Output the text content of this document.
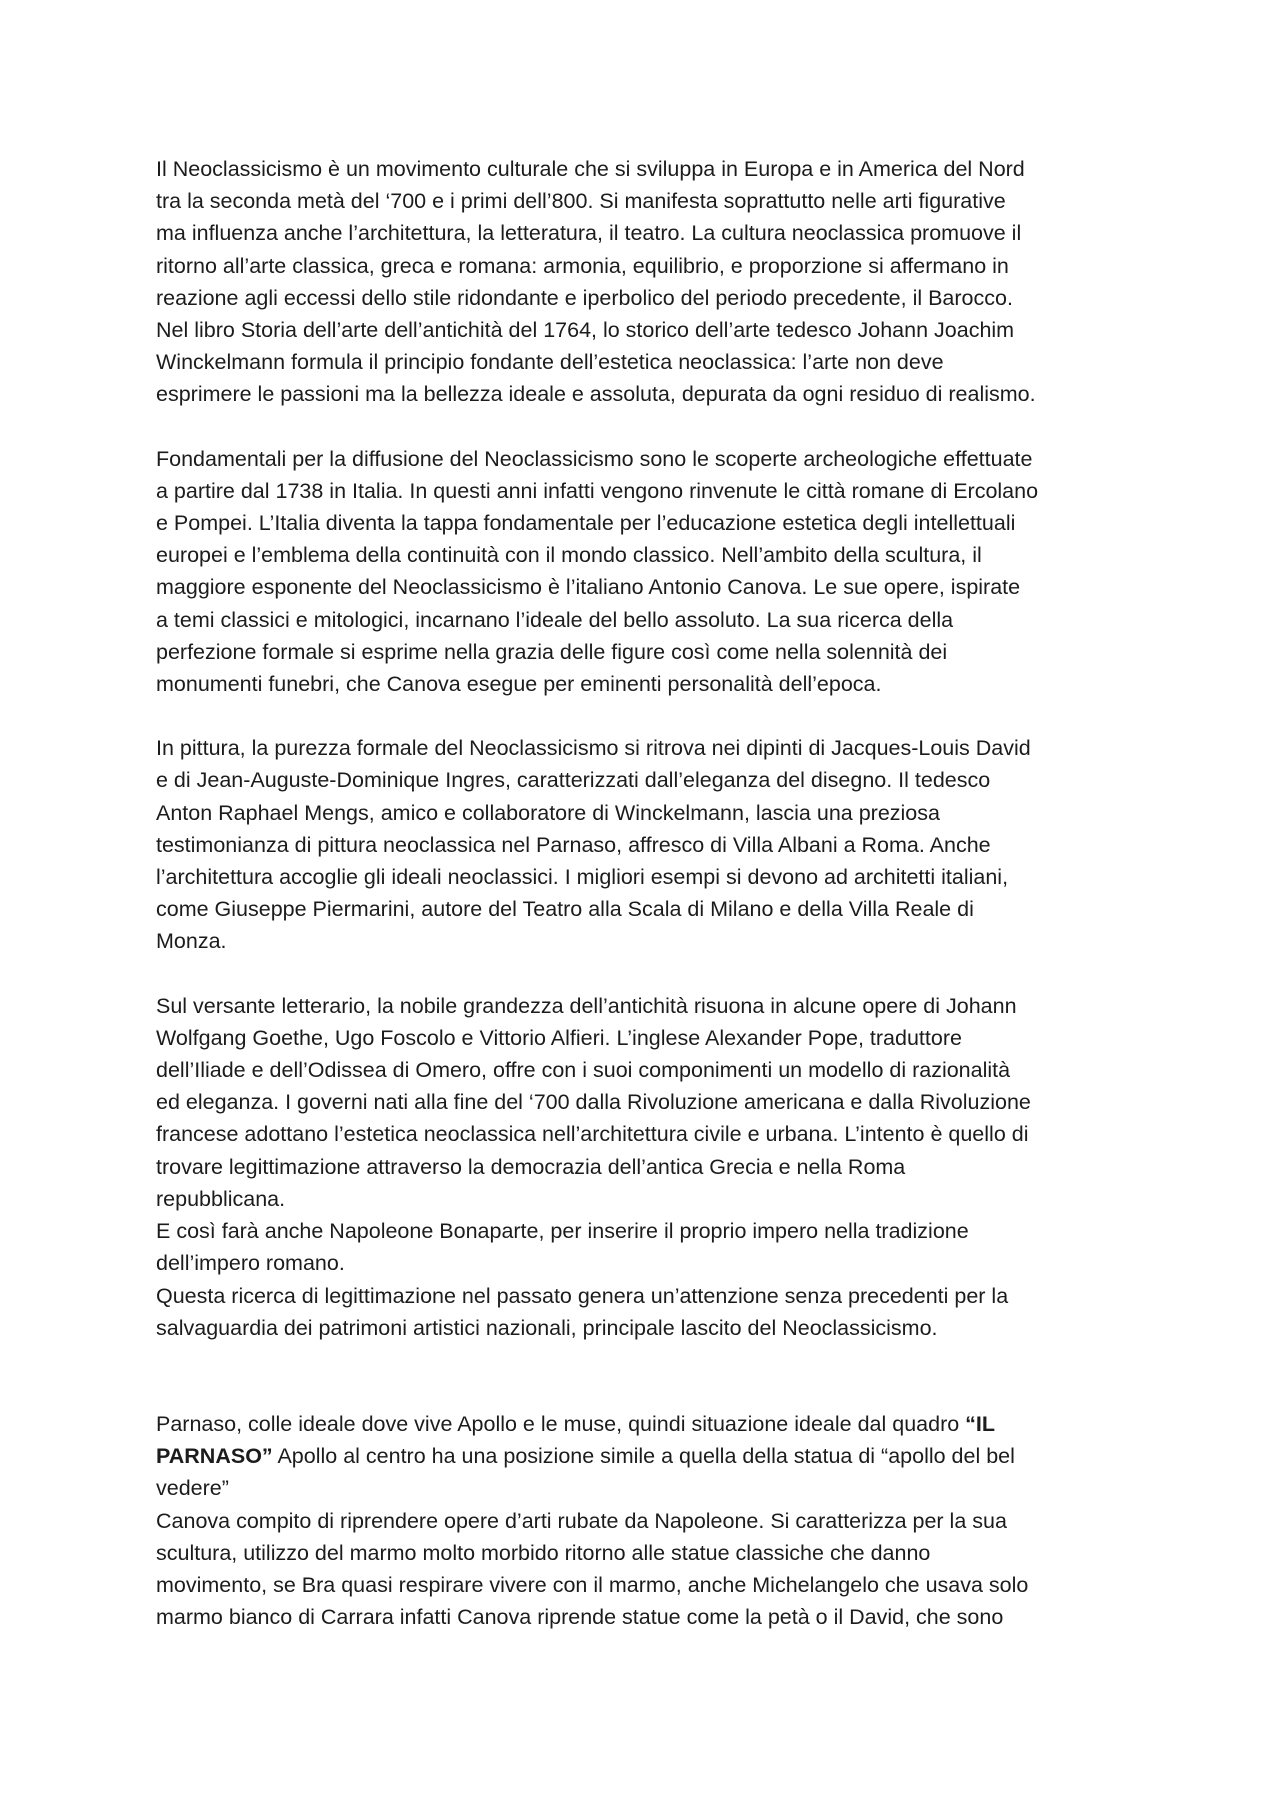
Il Neoclassicismo è un movimento culturale che si sviluppa in Europa e in America del Nord
tra la seconda metà del ‘700 e i primi dell’800. Si manifesta soprattutto nelle arti figurative
ma influenza anche l’architettura, la letteratura, il teatro. La cultura neoclassica promuove il
ritorno all’arte classica, greca e romana: armonia, equilibrio, e proporzione si affermano in
reazione agli eccessi dello stile ridondante e iperbolico del periodo precedente, il Barocco.
Nel libro Storia dell’arte dell’antichità del 1764, lo storico dell’arte tedesco Johann Joachim
Winckelmann formula il principio fondante dell’estetica neoclassica: l’arte non deve
esprimere le passioni ma la bellezza ideale e assoluta, depurata da ogni residuo di realismo.

Fondamentali per la diffusione del Neoclassicismo sono le scoperte archeologiche effettuate
a partire dal 1738 in Italia. In questi anni infatti vengono rinvenute le città romane di Ercolano
e Pompei. L’Italia diventa la tappa fondamentale per l’educazione estetica degli intellettuali
europei e l’emblema della continuità con il mondo classico. Nell’ambito della scultura, il
maggiore esponente del Neoclassicismo è l’italiano Antonio Canova. Le sue opere, ispirate
a temi classici e mitologici, incarnano l’ideale del bello assoluto. La sua ricerca della
perfezione formale si esprime nella grazia delle figure così come nella solennità dei
monumenti funebri, che Canova esegue per eminenti personalità dell’epoca.

In pittura, la purezza formale del Neoclassicismo si ritrova nei dipinti di Jacques-Louis David
e di Jean-Auguste-Dominique Ingres, caratterizzati dall’eleganza del disegno. Il tedesco
Anton Raphael Mengs, amico e collaboratore di Winckelmann, lascia una preziosa
testimonianza di pittura neoclassica nel Parnaso, affresco di Villa Albani a Roma. Anche
l’architettura accoglie gli ideali neoclassici. I migliori esempi si devono ad architetti italiani,
come Giuseppe Piermarini, autore del Teatro alla Scala di Milano e della Villa Reale di
Monza.

Sul versante letterario, la nobile grandezza dell’antichità risuona in alcune opere di Johann
Wolfgang Goethe, Ugo Foscolo e Vittorio Alfieri. L’inglese Alexander Pope, traduttore
dell’Iliade e dell’Odissea di Omero, offre con i suoi componimenti un modello di razionalità
ed eleganza. I governi nati alla fine del ‘700 dalla Rivoluzione americana e dalla Rivoluzione
francese adottano l’estetica neoclassica nell’architettura civile e urbana. L’intento è quello di
trovare legittimazione attraverso la democrazia dell’antica Grecia e nella Roma
repubblicana.

E così farà anche Napoleone Bonaparte, per inserire il proprio impero nella tradizione
dell’impero romano.

Questa ricerca di legittimazione nel passato genera un’attenzione senza precedenti per la
salvaguardia dei patrimoni artistici nazionali, principale lascito del Neoclassicismo.

Parnaso, colle ideale dove vive Apollo e le muse, quindi situazione ideale dal quadro “IL
PARNASO” Apollo al centro ha una posizione simile a quella della statua di “apollo del bel
vedere”

Canova compito di riprendere opere d’arti rubate da Napoleone. Si caratterizza per la sua
scultura, utilizzo del marmo molto morbido ritorno alle statue classiche che danno
movimento, se Bra quasi respirare vivere con il marmo, anche Michelangelo che usava solo
marmo bianco di Carrara infatti Canova riprende statue come la petà o il David, che sono
